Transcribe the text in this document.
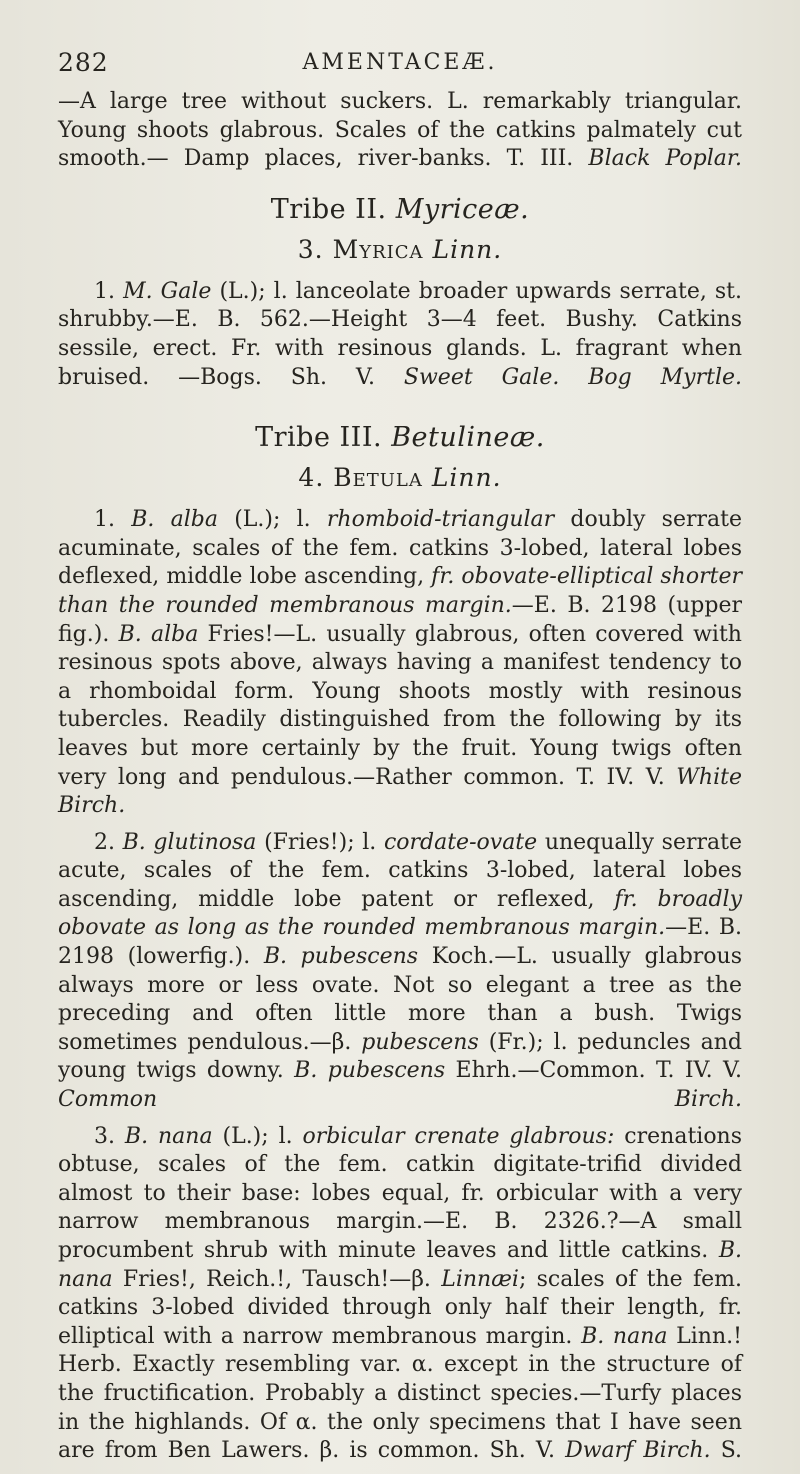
282	AMENTACEÆ.

—A large tree without suckers. L. remarkably triangular. Young shoots glabrous. Scales of the catkins palmately cut smooth.— Damp places, river-banks. T. III. Black Poplar.

Tribe II. Myriceæ.
3. Myrica Linn.

1. M. Gale (L.); l. lanceolate broader upwards serrate, st. shrubby.—E. B. 562.—Height 3—4 feet. Bushy. Catkins sessile, erect. Fr. with resinous glands. L. fragrant when bruised. —Bogs. Sh. V. Sweet Gale. Bog Myrtle.

Tribe III. Betulineæ.
4. Betula Linn.

1. B. alba (L.); l. rhomboid-triangular doubly serrate acuminate, scales of the fem. catkins 3-lobed, lateral lobes deflexed, middle lobe ascending, fr. obovate-elliptical shorter than the rounded membranous margin.—E. B. 2198 (upper fig.). B. alba Fries!—L. usually glabrous, often covered with resinous spots above, always having a manifest tendency to a rhomboidal form. Young shoots mostly with resinous tubercles. Readily distinguished from the following by its leaves but more certainly by the fruit. Young twigs often very long and pendulous.—Rather common. T. IV. V. White Birch.

2. B. glutinosa (Fries!); l. cordate-ovate unequally serrate acute, scales of the fem. catkins 3-lobed, lateral lobes ascending, middle lobe patent or reflexed, fr. broadly obovate as long as the rounded membranous margin.—E. B. 2198 (lowerfig.). B. pubescens Koch.—L. usually glabrous always more or less ovate. Not so elegant a tree as the preceding and often little more than a bush. Twigs sometimes pendulous.—β. pubescens (Fr.); l. peduncles and young twigs downy. B. pubescens Ehrh.—Common. T. IV. V. Common Birch.

3. B. nana (L.); l. orbicular crenate glabrous: crenations obtuse, scales of the fem. catkin digitate-trifid divided almost to their base: lobes equal, fr. orbicular with a very narrow membranous margin.—E. B. 2326.?—A small procumbent shrub with minute leaves and little catkins. B. nana Fries!, Reich.!, Tausch!—β. Linnæi; scales of the fem. catkins 3-lobed divided through only half their length, fr. elliptical with a narrow membranous margin. B. nana Linn.! Herb. Exactly resembling var. α. except in the structure of the fructification. Probably a distinct species.—Turfy places in the highlands. Of α. the only specimens that I have seen are from Ben Lawers. β. is common. Sh. V. Dwarf Birch. S.
